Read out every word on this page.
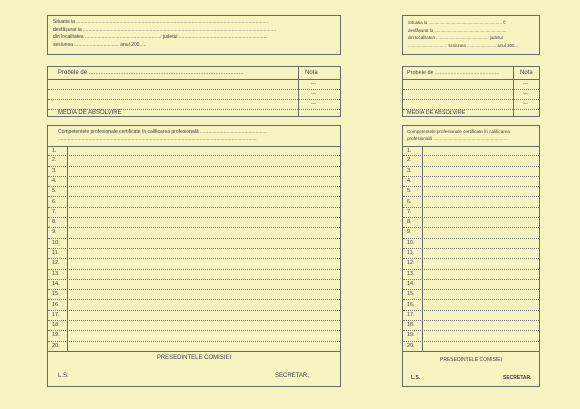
Situatia la ..........................................................................................................................................
desfășurat la ...........................................................................................................................................
din localitatea ....................................................... judetul ................................................................
sesiunea ................................ anul 200.....
Probele de .............................................................................................	Nota
---
---
---
MEDIA DE ABSOLVIRE
Competentele profesionale certificate în calificarea profesională ................................................
...............................................................................................................................................
1.
2.
3.
4.
5.
6.
7.
8.
9.
10.
11.
12.
13.
14.
15.
16.
17.
18.
19.
20.
PRESEDINTELE COMISIEI
L.S.	SECRETAR,
Situatia la ............................................................ ©
desfășurat la ...........................................................
din localitatea ........................................... judetul
................................ sesiunea ........................ anul 200...
Probele de ..........................................	Nota
---
---
---
MEDIA DE ABSOLVIRE
Competentele profesionale certificate în calificarea
profesională ...........................................................
1.
2.
3.
4.
5.
6.
7.
8.
9.
10.
11.
12.
13.
14.
15.
16.
17.
18.
19.
20.
PRESEDINTELE COMISIEI
L.S.	SECRETAR.
